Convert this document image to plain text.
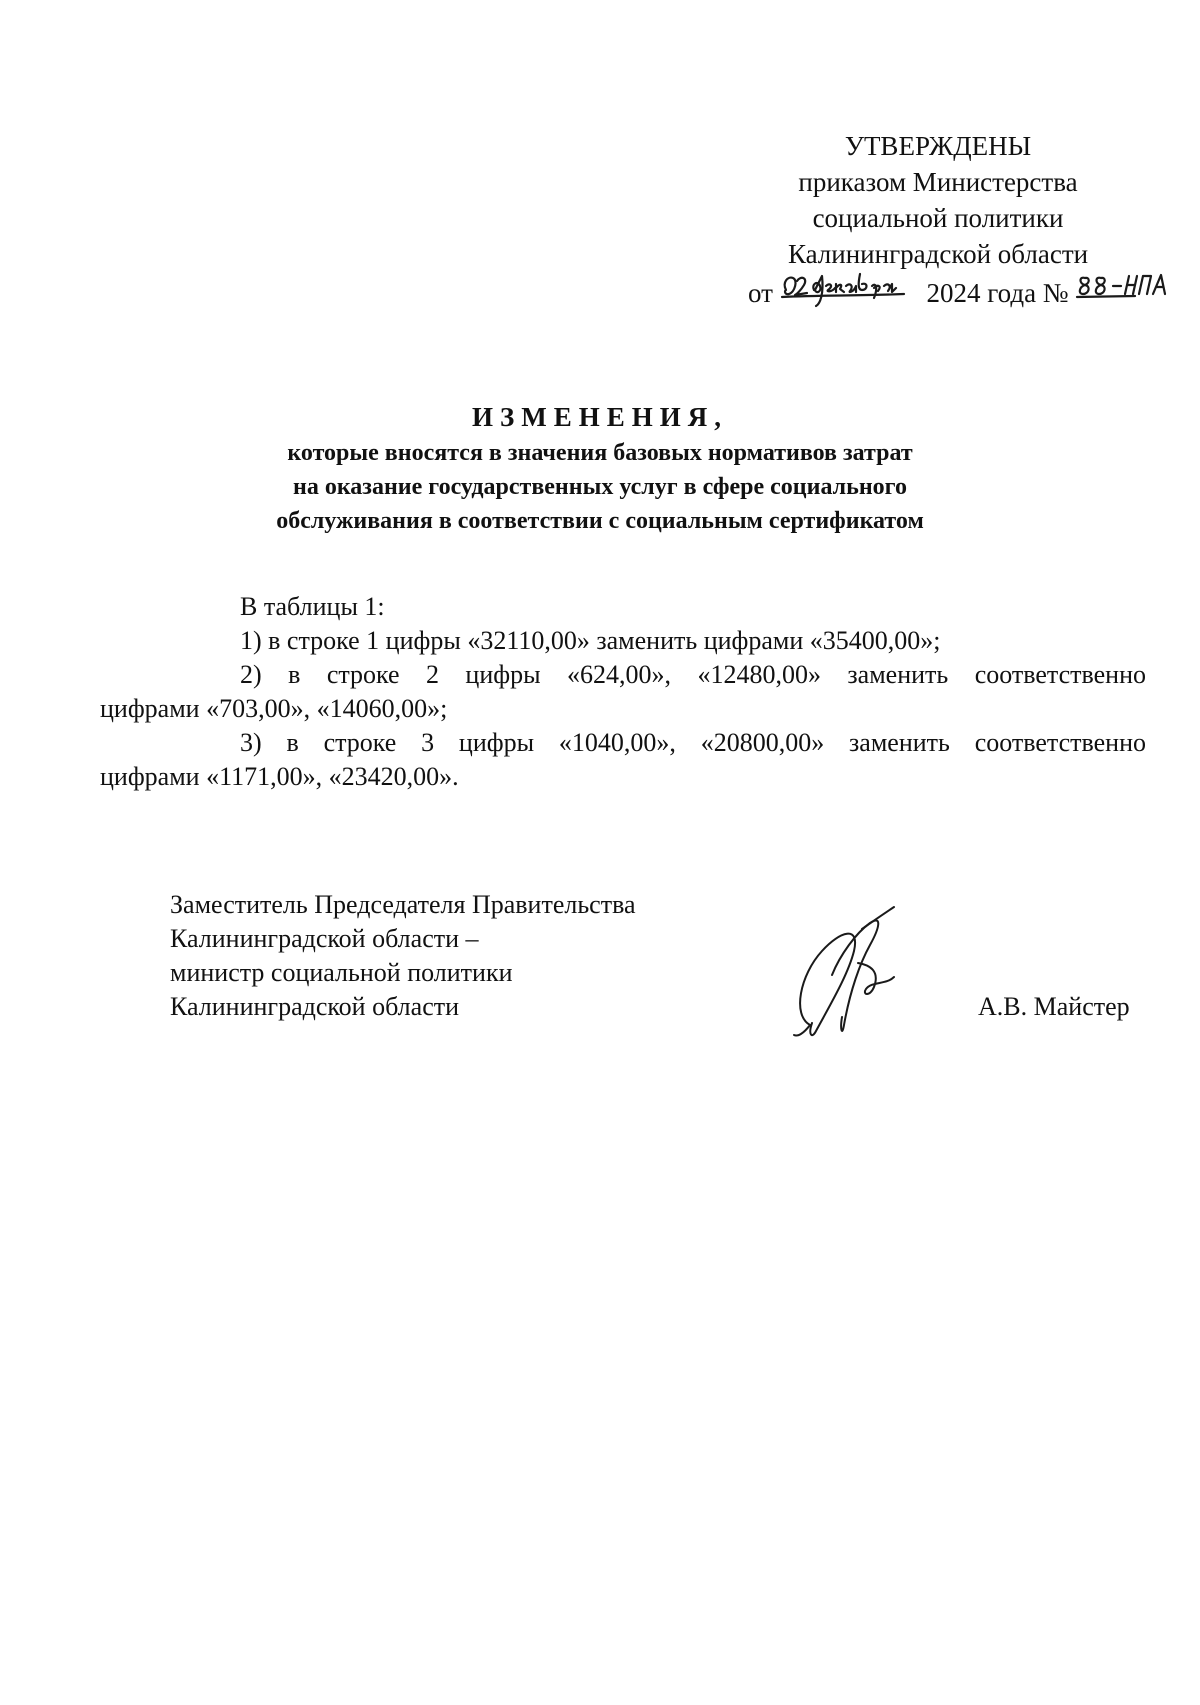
УТВЕРЖДЕНЫ
приказом Министерства
социальной политики
Калининградской области
от	2024 года №
ИЗМЕНЕНИЯ,
которые вносятся в значения базовых нормативов затрат
на оказание государственных услуг в сфере социального
обслуживания в соответствии с социальным сертификатом

В таблицы 1:

1) в строке 1 цифры «32110,00» заменить цифрами «35400,00»;

2) в строке 2 цифры «624,00», «12480,00» заменить соответственно
цифрами «703,00», «14060,00»;

3) в строке 3 цифры «1040,00», «20800,00» заменить соответственно
цифрами «1171,00», «23420,00».

Заместитель Председателя Правительства
Калининградской области –
министр социальной политики
Калининградской области	А.В. Майстер
